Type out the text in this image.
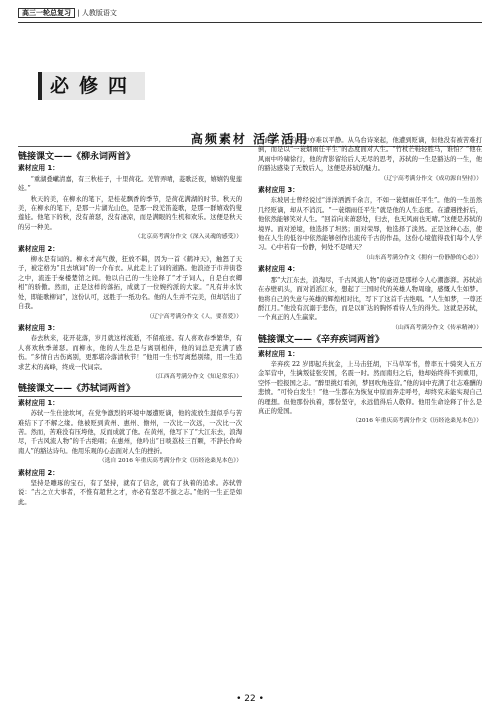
高三一轮总复习 | 人教版语文
必修四
高频素材 活学活用
链接课文——《柳永词两首》
素材应用 1：

“重湖叠𪩘清嘉，有三秋桂子，十里荷花。羌管弄晴，菱歌泛夜，嬉嬉钓叟莲娃。”

秋天的美，在柳永的笔下，是桂花飘香的季节，是荷花满湖的时节。秋天的美，在柳永的笔下，是那一片湖光山色，是那一段羌笛菱歌，是那一群嬉戏钓叟莲娃。他笔下的秋，没有萧瑟，没有凄凉，而是满眼的生机和欢乐。这便是秋天的另一种美。

（北京高考满分作文《深入灵魂的感受》）
素材应用 2：

柳永是有词的。柳永才高气傲，狂放不羁，因为一首《鹤冲天》，触怒了天子，被定格为“且去填词”的一介布衣。从此走上了词的道路。他浪迹于市井街巷之中，流连于秦楼楚馆之间。他以自己的一生诠释了“才子词人，自是白衣卿相”的骄傲。然而，正是这样的落拓，成就了一位婉约派的大家。“凡有井水饮处，即能歌柳词”，这份认可，远胜于一纸功名。他的人生并不完美，但却活出了自我。

（辽宁高考满分作文《人，要喜爱》）
素材应用 3：

春去秋来，花开花落，岁月就这样流逝，不留痕迹。有人喜欢春季繁华，有人喜欢秋季萧瑟。而柳永，他的人生总是与离别相伴，他的词总是充满了感伤。“多情自古伤离别，更那堪冷落清秋节！”他用一生书写离愁别绪，用一生追求艺术的高峰，终成一代词宗。

（江西高考满分作文《知足常乐》）
链接课文——《苏轼词两首》
素材应用 1：

苏轼一生仕途坎坷，在党争激烈的环境中屡遭贬谪，他的流放生涯似乎与苦难结下了不解之缘。他被贬到黄州、惠州、儋州，一次比一次远，一次比一次苦。然而，苦难没有压垮他，反而成就了他。在黄州，他写下了“大江东去，浪淘尽，千古风流人物”的千古绝唱；在惠州，他吟出“日啖荔枝三百颗，不辞长作岭南人”的豁达诗句。他用乐观的心态面对人生的挫折。

（选自 2016 年重庆高考满分作文《历经沧桑见本色》）
素材应用 2：

坚持是雕琢的宝石，有了坚持，就有了信念，就有了执着的追求。苏轼曾说：“古之立大事者，不惟有超世之才，亦必有坚忍不拔之志。”他的一生正是如此。

下此篇，只怕心中亦难以平静。从乌台诗案起，他遭到贬谪，但他没有被苦难打倒，而是以“一蓑烟雨任平生”的态度面对人生。“竹杖芒鞋轻胜马，谁怕？”他在风雨中吟啸徐行，他的背影留给后人无尽的思考，苏轼的一生是豁达的一生，他的豁达感染了无数后人，这便是苏轼的魅力。

（辽宁高考满分作文《成功源自坚持》）
素材应用 3：

东坡居士曾经说过“洋洋洒洒千余言，不如一蓑烟雨任平生”。他的一生虽然几经贬谪，却从不消沉。“一蓑烟雨任平生”就是他的人生态度。在遭遇挫折后，他依然能够笑对人生。“回首向来萧瑟处，归去，也无风雨也无晴。”这便是苏轼的境界。面对逆境，他选择了坦然；面对荣辱，他选择了淡然。正是这种心态，使他在人生的低谷中依然能够创作出流传千古的作品，这份心境值得我们每个人学习。心中若有一份静，何处不是晴天？

（山东高考满分作文《拥有一份静静的心态》）
素材应用 4：

那“大江东去，浪淘尽，千古风流人物”的豪迈是那样令人心潮澎湃。苏轼站在赤壁矶头，面对滔滔江水，想起了三国时代的英雄人物周瑜，感慨人生如梦。他将自己的失意与英雄的辉煌相对比，写下了这首千古绝唱。“人生如梦，一尊还酹江月。”他没有沉溺于悲伤，而是以旷达的胸怀看待人生的得失。这就是苏轼，一个真正的人生赢家。

（山西高考满分作文《传承精神》）
链接课文——《辛弃疾词两首》
素材应用 1：

辛弃疾 22 岁即起兵抗金，上马击狂胡，下马草军书，曾率五十骑突入五万金军营中，生擒叛徒张安国，名震一时。然而南归之后，他却始终得不到重用，空怀一腔报国之志。“醉里挑灯看剑，梦回吹角连营。”他的词中充满了壮志难酬的悲愤。“可怜白发生！”他一生都在为恢复中原而奔走呼号，却终究未能实现自己的理想。但他那份执着，那份坚守，永远值得后人敬仰。他用生命诠释了什么是真正的爱国。

（2016 年重庆高考满分作文《历经沧桑见本色》）
• 22 •
